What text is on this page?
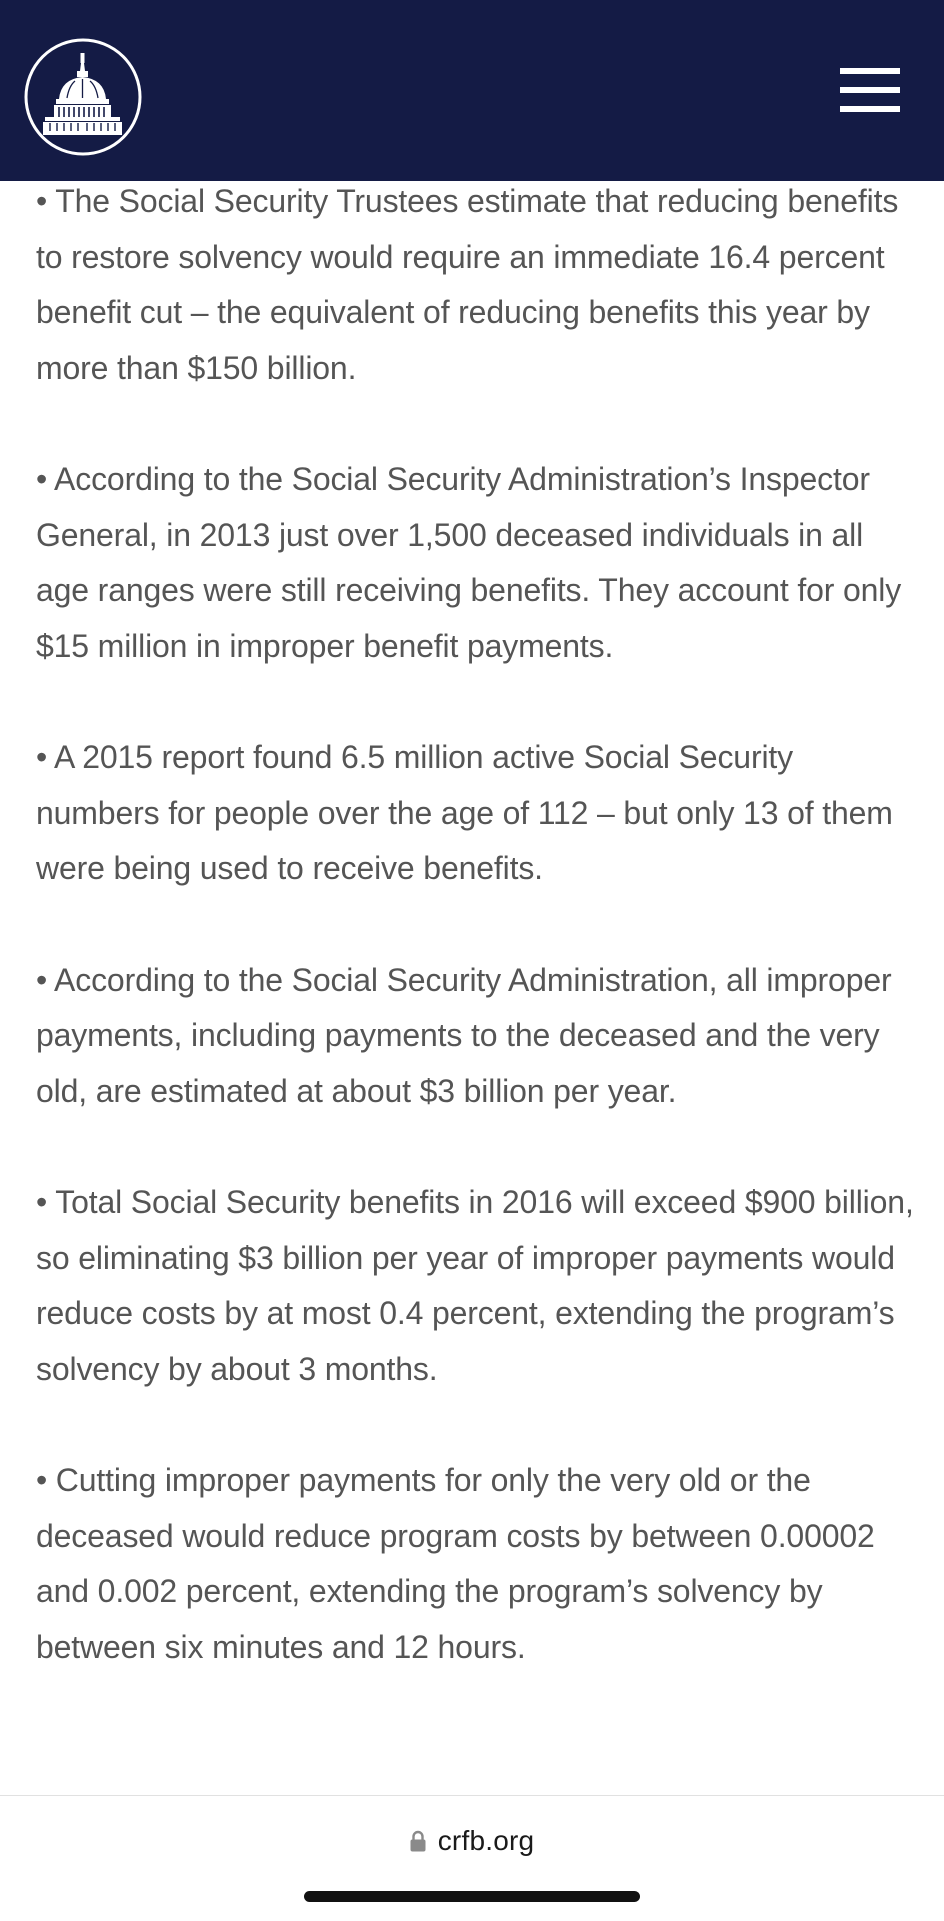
• The Social Security Trustees estimate that reducing benefits to restore solvency would require an immediate 16.4 percent benefit cut – the equivalent of reducing benefits this year by more than $150 billion.

• According to the Social Security Administration’s Inspector General, in 2013 just over 1,500 deceased individuals in all age ranges were still receiving benefits. They account for only $15 million in improper benefit payments.

• A 2015 report found 6.5 million active Social Security numbers for people over the age of 112 – but only 13 of them were being used to receive benefits.

• According to the Social Security Administration, all improper payments, including payments to the deceased and the very old, are estimated at about $3 billion per year.

• Total Social Security benefits in 2016 will exceed $900 billion, so eliminating $3 billion per year of improper payments would reduce costs by at most 0.4 percent, extending the program’s solvency by about 3 months.

• Cutting improper payments for only the very old or the deceased would reduce program costs by between 0.00002 and 0.002 percent, extending the program’s solvency by between six minutes and 12 hours.

crfb.org
